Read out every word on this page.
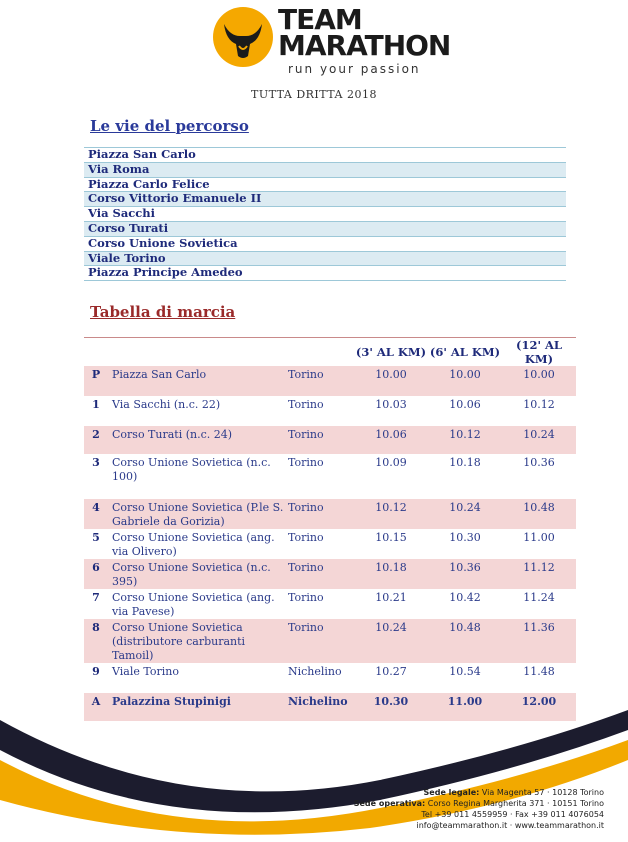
TEAM
MARATHON
run your passion
TUTTA DRITTA 2018
Le vie del percorso
Piazza San Carlo
Via Roma
Piazza Carlo Felice
Corso Vittorio Emanuele II
Via Sacchi
Corso Turati
Corso Unione Sovietica
Viale Torino
Piazza Principe Amedeo
Tabella di marcia
			(3' AL KM)	(6' AL KM)	(12' AL KM)
P	Piazza San Carlo	Torino	10.00	10.00	10.00
1	Via Sacchi (n.c. 22)	Torino	10.03	10.06	10.12
2	Corso Turati (n.c. 24)	Torino	10.06	10.12	10.24
3	Corso Unione Sovietica (n.c. 100)	Torino	10.09	10.18	10.36
4	Corso Unione Sovietica (P.le S. Gabriele da Gorizia)	Torino	10.12	10.24	10.48
5	Corso Unione Sovietica (ang. via Olivero)	Torino	10.15	10.30	11.00
6	Corso Unione Sovietica (n.c. 395)	Torino	10.18	10.36	11.12
7	Corso Unione Sovietica (ang. via Pavese)	Torino	10.21	10.42	11.24
8	Corso Unione Sovietica (distributore carburanti Tamoil)	Torino	10.24	10.48	11.36
9	Viale Torino	Nichelino	10.27	10.54	11.48
A	Palazzina Stupinigi	Nichelino	10.30	11.00	12.00
Sede legale: Via Magenta 57 · 10128 Torino
Sede operativa: Corso Regina Margherita 371 · 10151 Torino
Tel +39 011 4559959 · Fax +39 011 4076054
info@teammarathon.it · www.teammarathon.it
